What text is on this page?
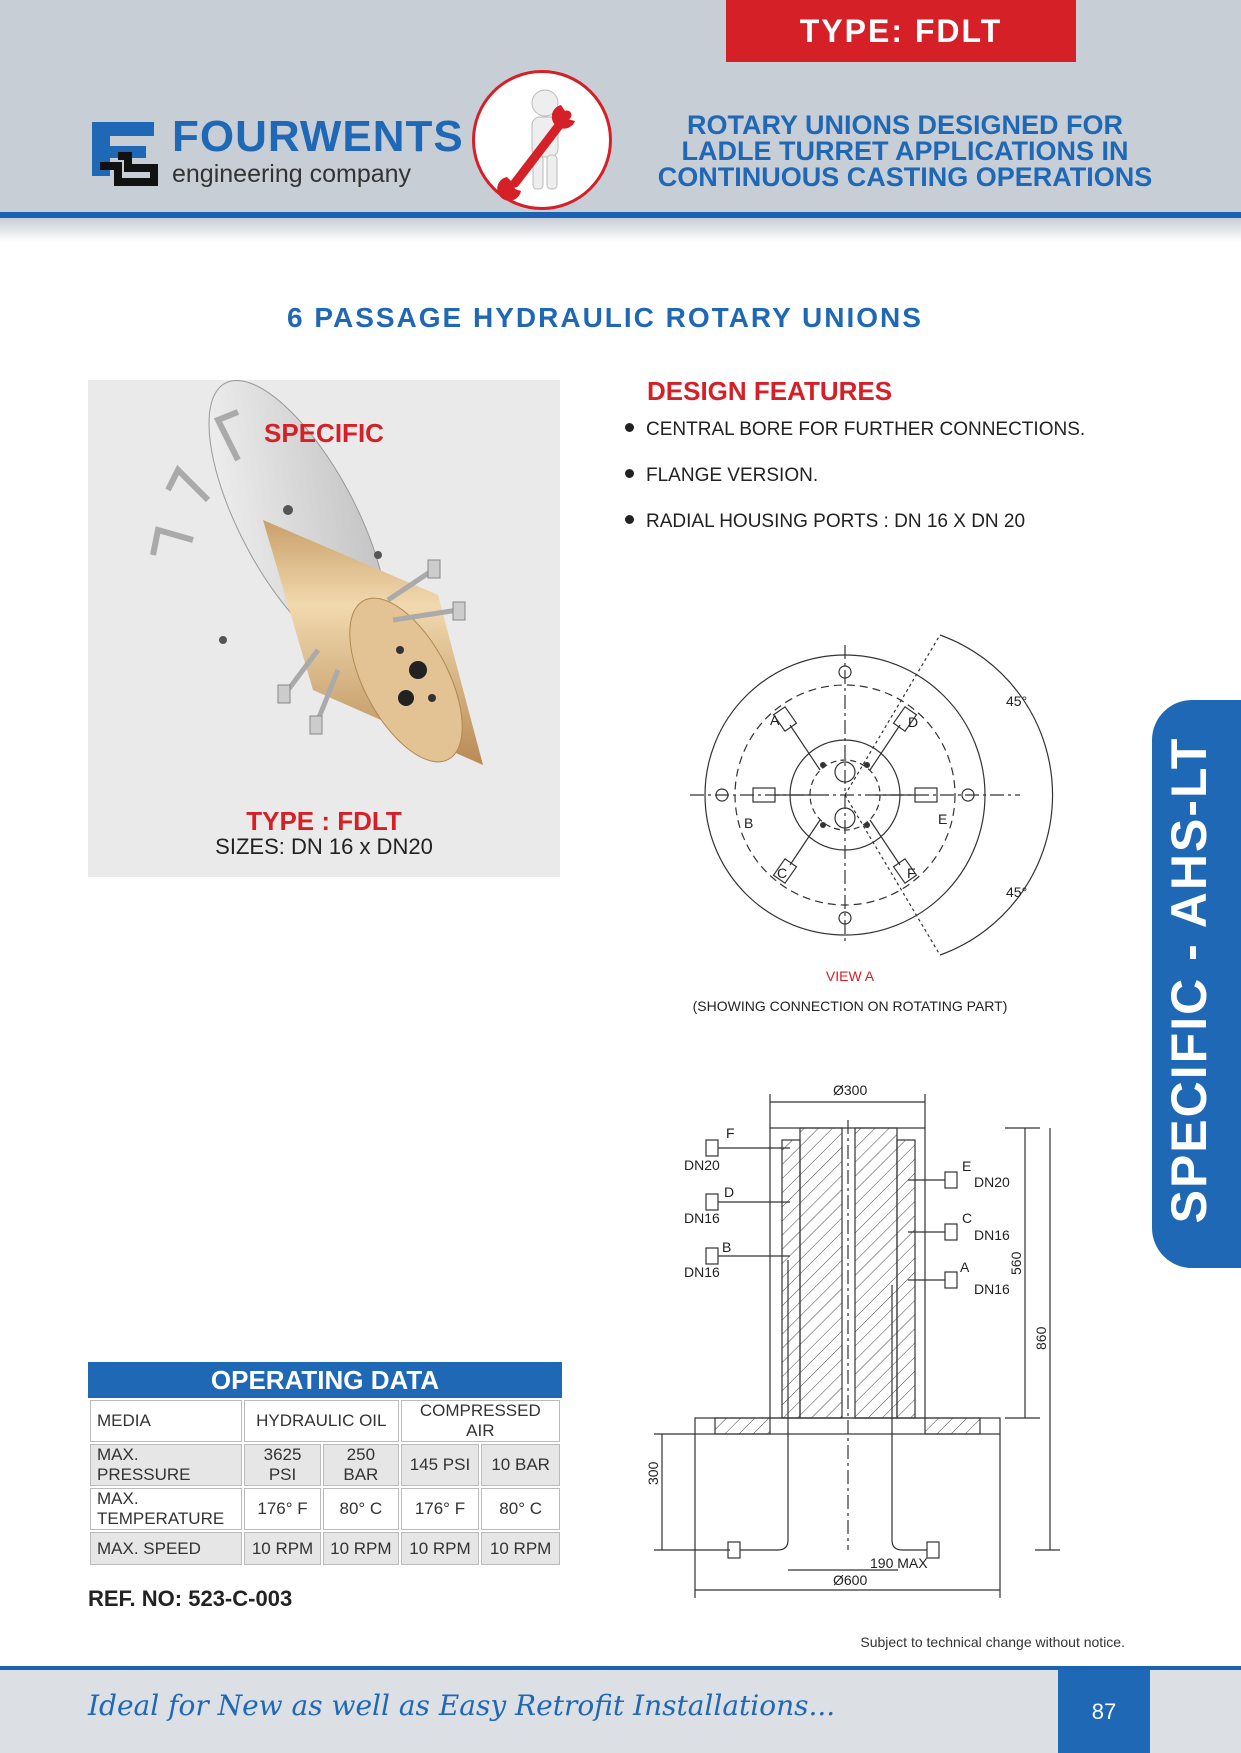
TYPE: FDLT
FOURWENTS
engineering company
ROTARY UNIONS DESIGNED FOR
LADLE TURRET APPLICATIONS IN
CONTINUOUS CASTING OPERATIONS
6 PASSAGE HYDRAULIC ROTARY UNIONS
SPECIFIC
TYPE : FDLT
SIZES: DN 16 x DN20
DESIGN FEATURES
CENTRAL BORE FOR FURTHER CONNECTIONS.
FLANGE VERSION.
RADIAL HOUSING PORTS : DN 16 X DN 20
A	D
B	E
C	F
45°
45°
VIEW A
(SHOWING CONNECTION ON ROTATING PART)
Ø300
Ø600
190 MAX
560
860
300
F
DN20
D
DN16
B
DN16
E
DN20
C
DN16
A
DN16
SPECIFIC - AHS-LT
OPERATING DATA
MEDIA	HYDRAULIC OIL		COMPRESSED AIR	
MAX. PRESSURE	3625 PSI	250 BAR	145 PSI	10 BAR
MAX. TEMPERATURE	176° F	80° C	176° F	80° C
MAX. SPEED	10 RPM	10 RPM	10 RPM	10 RPM
REF. NO: 523-C-003
Subject to technical change without notice.
Ideal for New as well as Easy Retrofit Installations...	87
